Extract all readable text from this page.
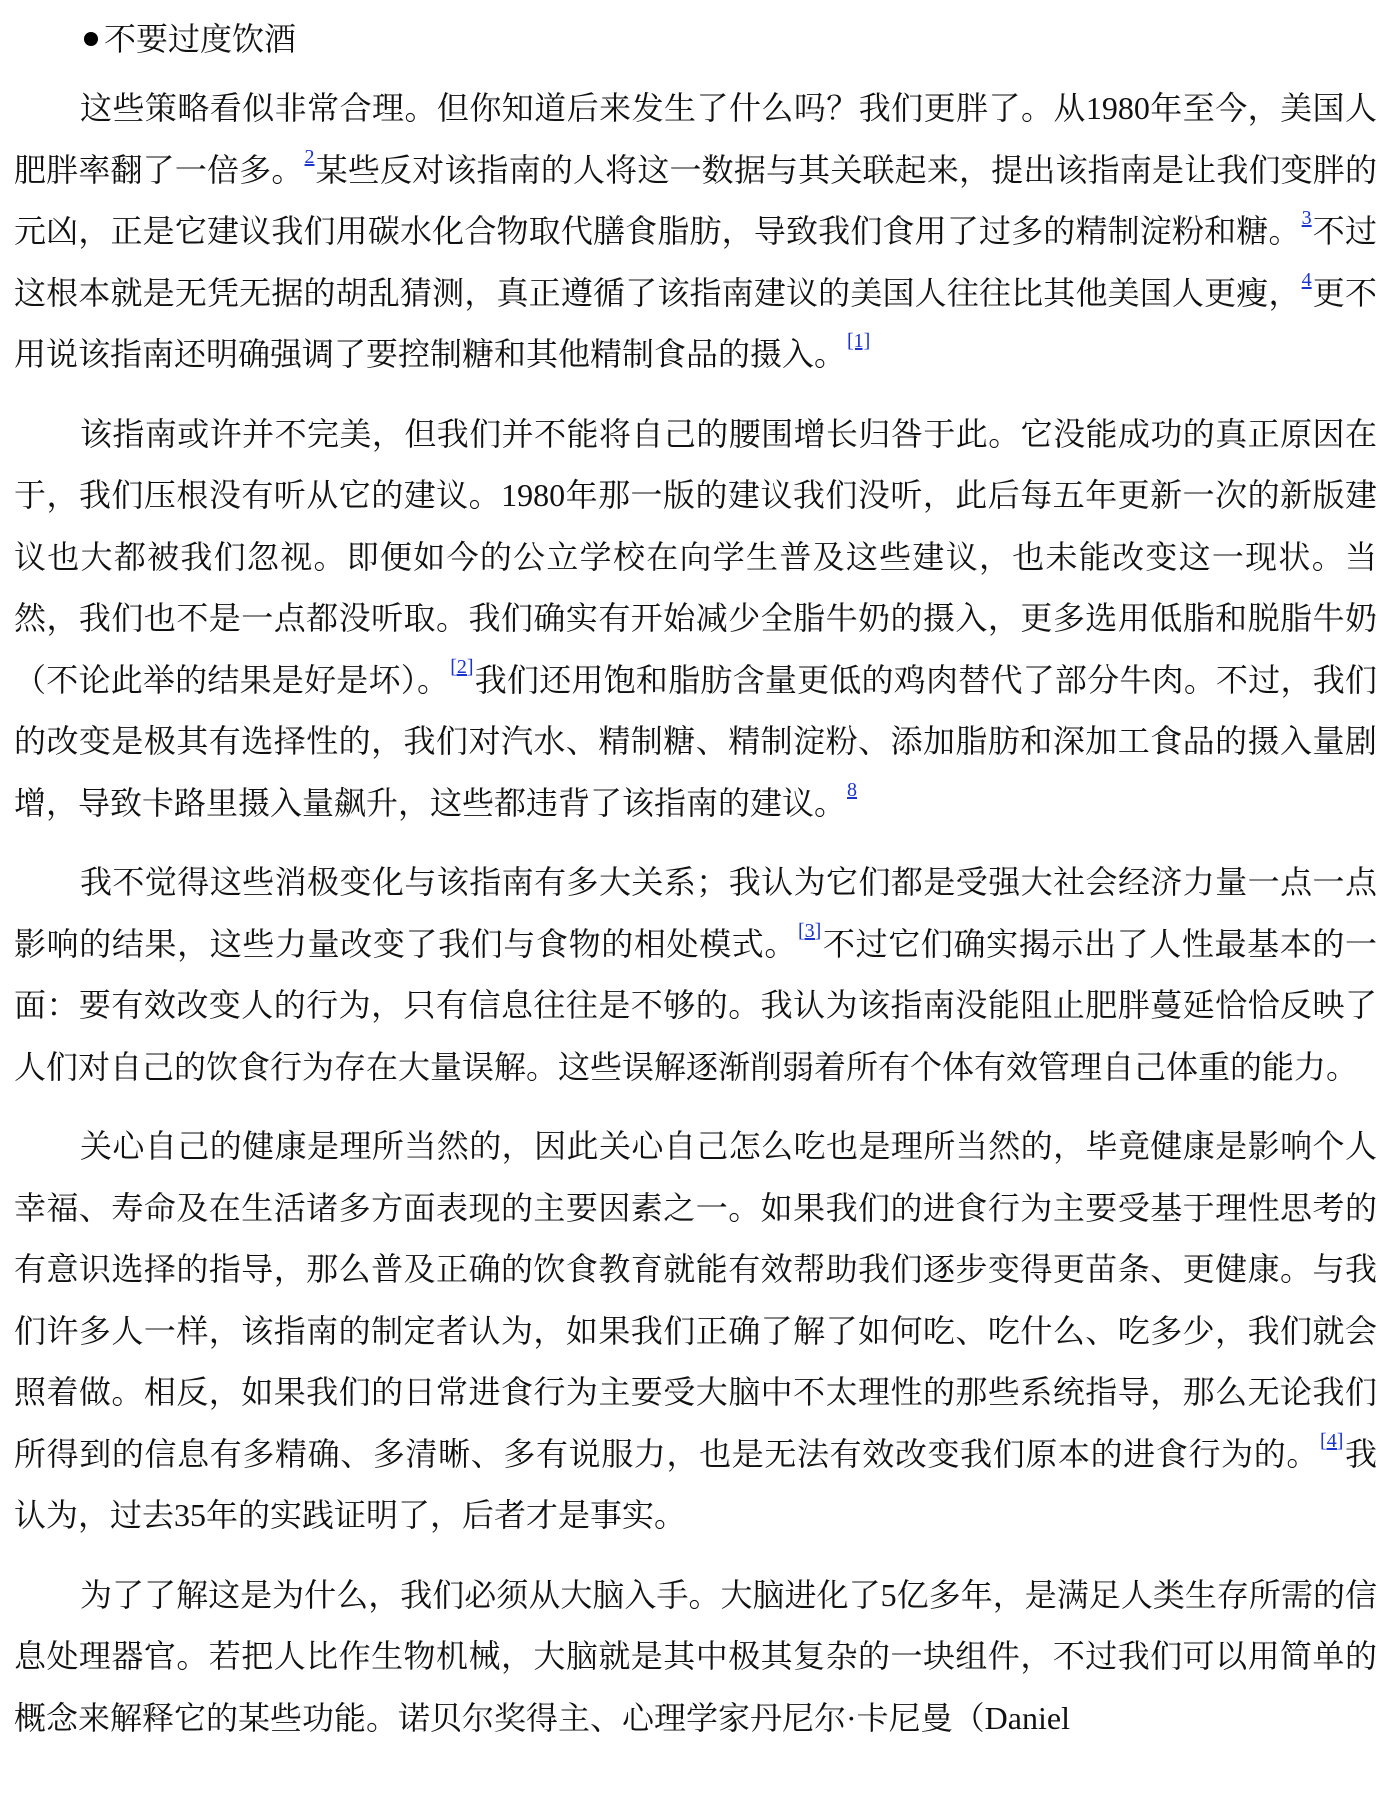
不要过度饮酒

这些策略看似非常合理。但你知道后来发生了什么吗？我们更胖了。从1980年至今，美国人肥胖率翻了一倍多。$^2$某些反对该指南的人将这一数据与其关联起来，提出该指南是让我们变胖的元凶，正是它建议我们用碳水化合物取代膳食脂肪，导致我们食用了过多的精制淀粉和糖。$^3$不过这根本就是无凭无据的胡乱猜测，真正遵循了该指南建议的美国人往往比其他美国人更瘦，$^4$更不用说该指南还明确强调了要控制糖和其他精制食品的摄入。[1]

该指南或许并不完美，但我们并不能将自己的腰围增长归咎于此。它没能成功的真正原因在于，我们压根没有听从它的建议。1980年那一版的建议我们没听，此后每五年更新一次的新版建议也大都被我们忽视。即便如今的公立学校在向学生普及这些建议，也未能改变这一现状。当然，我们也不是一点都没听取。我们确实有开始减少全脂牛奶的摄入，更多选用低脂和脱脂牛奶（不论此举的结果是好是坏）。[2]我们还用饱和脂肪含量更低的鸡肉替代了部分牛肉。不过，我们的改变是极其有选择性的，我们对汽水、精制糖、精制淀粉、添加脂肪和深加工食品的摄入量剧增，导致卡路里摄入量飙升，这些都违背了该指南的建议。$^8$

我不觉得这些消极变化与该指南有多大关系；我认为它们都是受强大社会经济力量一点一点影响的结果，这些力量改变了我们与食物的相处模式。[3]不过它们确实揭示出了人性最基本的一面：要有效改变人的行为，只有信息往往是不够的。我认为该指南没能阻止肥胖蔓延恰恰反映了人们对自己的饮食行为存在大量误解。这些误解逐渐削弱着所有个体有效管理自己体重的能力。

关心自己的健康是理所当然的，因此关心自己怎么吃也是理所当然的，毕竟健康是影响个人幸福、寿命及在生活诸多方面表现的主要因素之一。如果我们的进食行为主要受基于理性思考的有意识选择的指导，那么普及正确的饮食教育就能有效帮助我们逐步变得更苗条、更健康。与我们许多人一样，该指南的制定者认为，如果我们正确了解了如何吃、吃什么、吃多少，我们就会照着做。相反，如果我们的日常进食行为主要受大脑中不太理性的那些系统指导，那么无论我们所得到的信息有多精确、多清晰、多有说服力，也是无法有效改变我们原本的进食行为的。[4]我认为，过去35年的实践证明了，后者才是事实。

为了了解这是为什么，我们必须从大脑入手。大脑进化了5亿多年，是满足人类生存所需的信息处理器官。若把人比作生物机械，大脑就是其中极其复杂的一块组件，不过我们可以用简单的概念来解释它的某些功能。诺贝尔奖得主、心理学家丹尼尔·卡尼曼（Daniel
